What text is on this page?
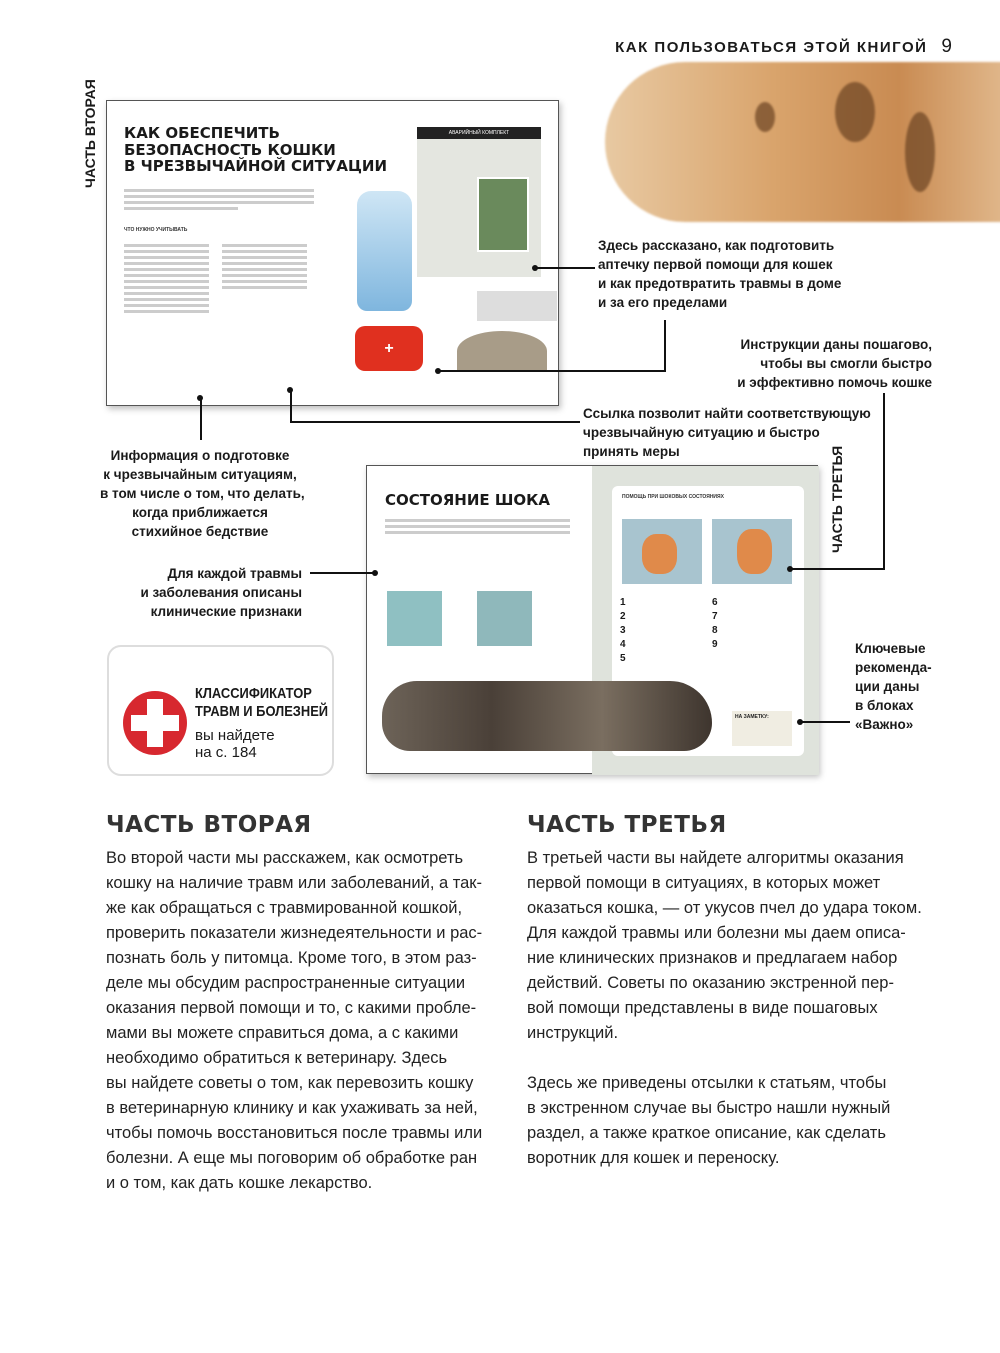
КАК ПОЛЬЗОВАТЬСЯ ЭТОЙ КНИГОЙ 9
ЧАСТЬ ВТОРАЯ КАК ОБЕСПЕЧИТЬ
БЕЗОПАСНОСТЬ КОШКИ
В ЧРЕЗВЫЧАЙНОЙ СИТУАЦИИ
ЧТО НУЖНО УЧИТЫВАТЬ
+
АВАРИЙНЫЙ КОМПЛЕКТ
ЧАСТЬ ТРЕТЬЯ
СОСТОЯНИЕ ШОКА	ПОМОЩЬ ПРИ ШОКОВЫХ СОСТОЯНИЯХ
1
2
3
4
5
6
7
8
9
НА ЗАМЕТКУ:
Здесь рассказано, как подготовить
аптечку первой помощи для кошек
и как предотвратить травмы в доме
и за его пределами
Инструкции даны пошагово,
чтобы вы смогли быстро
и эффективно помочь кошке
Ссылка позволит найти соответствующую
чрезвычайную ситуацию и быстро
принять меры
Информация о подготовке
к чрезвычайным ситуациям,
в том числе о том, что делать,
когда приближается
стихийное бедствие
Для каждой травмы
и заболевания описаны
клинические признаки
Ключевые
рекоменда-
ции даны
в блоках
«Важно»
КЛАССИФИКАТОР
ТРАВМ И БОЛЕЗНЕЙ
вы найдете
на с. 184
ЧАСТЬ ВТОРАЯ
Во второй части мы расскажем, как осмотреть
кошку на наличие травм или заболеваний, а так-
же как обращаться с травмированной кошкой,
проверить показатели жизнедеятельности и рас-
познать боль у питомца. Кроме того, в этом раз-
деле мы обсудим распространенные ситуации
оказания первой помощи и то, с какими пробле-
мами вы можете справиться дома, а с какими
необходимо обратиться к ветеринару. Здесь
вы найдете советы о том, как перевозить кошку
в ветеринарную клинику и как ухаживать за ней,
чтобы помочь восстановиться после травмы или
болезни. А еще мы поговорим об обработке ран
и о том, как дать кошке лекарство.
ЧАСТЬ ТРЕТЬЯ
В третьей части вы найдете алгоритмы оказания
первой помощи в ситуациях, в которых может
оказаться кошка, — от укусов пчел до удара током.
Для каждой травмы или болезни мы даем описа-
ние клинических признаков и предлагаем набор
действий. Советы по оказанию экстренной пер-
вой помощи представлены в виде пошаговых
инструкций.
Здесь же приведены отсылки к статьям, чтобы
в экстренном случае вы быстро нашли нужный
раздел, а также краткое описание, как сделать
воротник для кошек и переноску.
